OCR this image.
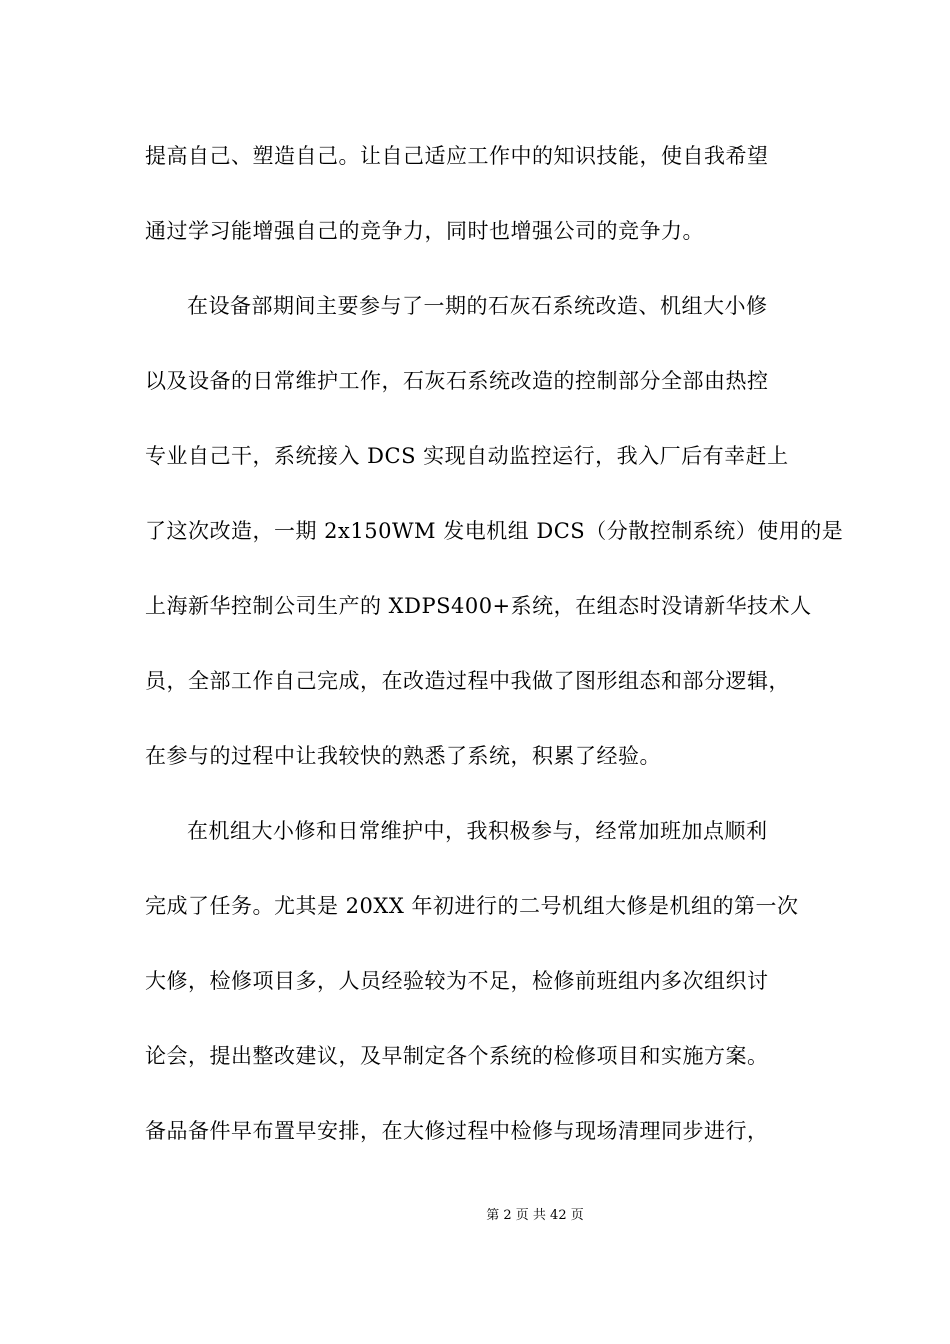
提高自己、塑造自己。让自己适应工作中的知识技能，使自我希望
通过学习能增强自己的竞争力，同时也增强公司的竞争力。
在设备部期间主要参与了一期的石灰石系统改造、机组大小修
以及设备的日常维护工作，石灰石系统改造的控制部分全部由热控
专业自己干，系统接入 DCS 实现自动监控运行，我入厂后有幸赶上
了这次改造，一期 2x150WM 发电机组 DCS（分散控制系统）使用的是
上海新华控制公司生产的 XDPS400+系统，在组态时没请新华技术人
员，全部工作自己完成，在改造过程中我做了图形组态和部分逻辑，
在参与的过程中让我较快的熟悉了系统，积累了经验。
在机组大小修和日常维护中，我积极参与，经常加班加点顺利
完成了任务。尤其是 20XX 年初进行的二号机组大修是机组的第一次
大修，检修项目多，人员经验较为不足，检修前班组内多次组织讨
论会，提出整改建议，及早制定各个系统的检修项目和实施方案。
备品备件早布置早安排，在大修过程中检修与现场清理同步进行，
第 2 页 共 42 页
